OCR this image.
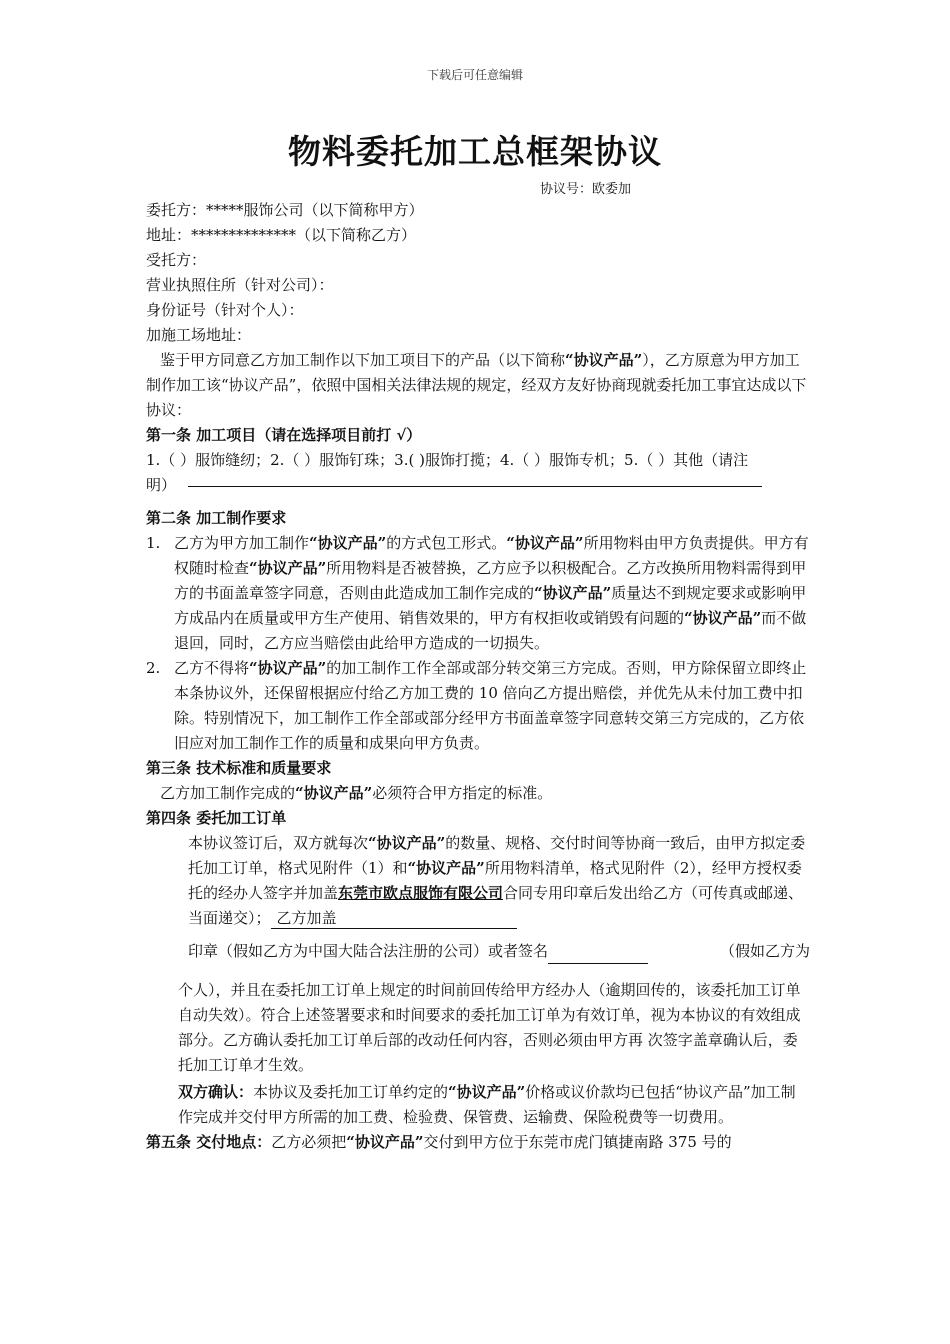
下载后可任意编辑
物料委托加工总框架协议
协议号：欧委加
委托方：*****服饰公司（以下简称甲方）
地址：**************（以下简称乙方）
受托方：
营业执照住所（针对公司）：
身份证号（针对个人）：
加施工场地址：
鉴于甲方同意乙方加工制作以下加工项目下的产品（以下简称“协议产品”），乙方原意为甲方加工制作加工该“协议产品”，依照中国相关法律法规的规定，经双方友好协商现就委托加工事宜达成以下协议：
第一条 加工项目（请在选择项目前打 √）
1.（ ）服饰缝纫；2.（ ）服饰钉珠；3.( )服饰打揽；4.（ ）服饰专机；5.（ ）其他（请注
明）
第二条 加工制作要求
1. 乙方为甲方加工制作“协议产品”的方式包工形式。“协议产品”所用物料由甲方负责提供。甲方有权随时检查“协议产品”所用物料是否被替换，乙方应予以积极配合。乙方改换所用物料需得到甲方的书面盖章签字同意，否则由此造成加工制作完成的“协议产品”质量达不到规定要求或影响甲方成品内在质量或甲方生产使用、销售效果的，甲方有权拒收或销毁有问题的“协议产品”而不做退回，同时，乙方应当赔偿由此给甲方造成的一切损失。
2. 乙方不得将“协议产品”的加工制作工作全部或部分转交第三方完成。否则，甲方除保留立即终止本条协议外，还保留根据应付给乙方加工费的 10 倍向乙方提出赔偿，并优先从未付加工费中扣除。特别情况下，加工制作工作全部或部分经甲方书面盖章签字同意转交第三方完成的，乙方依旧应对加工制作工作的质量和成果向甲方负责。
第三条 技术标准和质量要求
乙方加工制作完成的“协议产品”必须符合甲方指定的标准。
第四条 委托加工订单
本协议签订后，双方就每次“协议产品”的数量、规格、交付时间等协商一致后，由甲方拟定委托加工订单，格式见附件（1）和“协议产品”所用物料清单，格式见附件（2），经甲方授权委托的经办人签字并加盖东莞市欧点服饰有限公司合同专用印章后发出给乙方（可传真或邮递、当面递交）； 乙方加盖
印章（假如乙方为中国大陆合法注册的公司）或者签名	（假如乙方为
个人），并且在委托加工订单上规定的时间前回传给甲方经办人（逾期回传的，该委托加工订单自动失效）。符合上述签署要求和时间要求的委托加工订单为有效订单，视为本协议的有效组成部分。乙方确认委托加工订单后部的改动任何内容，否则必须由甲方再 次签字盖章确认后，委托加工订单才生效。
双方确认：本协议及委托加工订单约定的“协议产品”价格或议价款均已包括“协议产品”加工制作完成并交付甲方所需的加工费、检验费、保管费、运输费、保险税费等一切费用。
第五条 交付地点：乙方必须把“协议产品”交付到甲方位于东莞市虎门镇捷南路 375 号的
